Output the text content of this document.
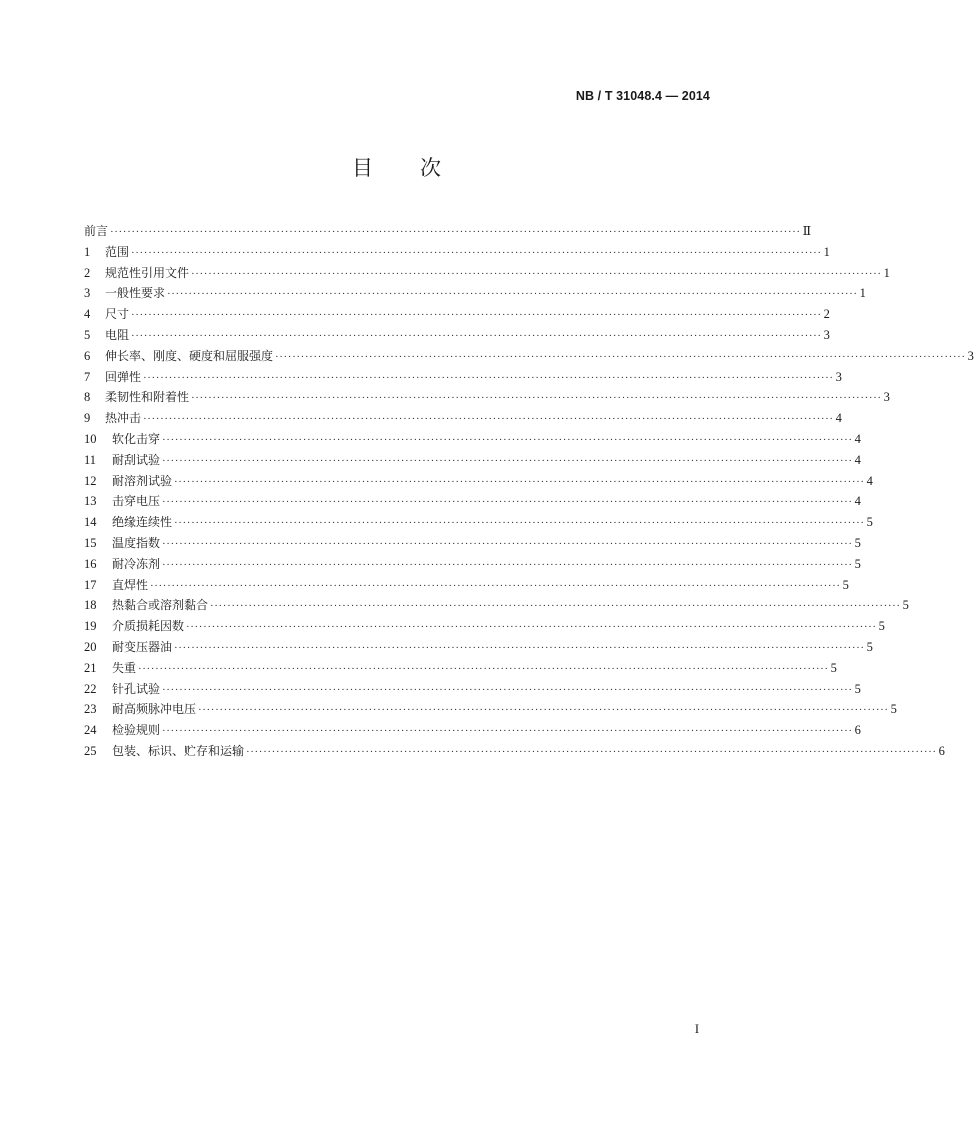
NB / T 31048.4 — 2014
目      次
前言 ·································································································································································· Ⅱ
1	范围 ·································································································································································· 1
2	规范性引用文件 ·································································································································································· 1
3	一般性要求 ·································································································································································· 1
4	尺寸 ·································································································································································· 2
5	电阻 ·································································································································································· 3
6	伸长率、刚度、硬度和屈服强度 ·································································································································································· 3
7	回弹性 ·································································································································································· 3
8	柔韧性和附着性 ·································································································································································· 3
9	热冲击 ·································································································································································· 4
10	软化击穿 ·································································································································································· 4
11	耐刮试验 ·································································································································································· 4
12	耐溶剂试验 ·································································································································································· 4
13	击穿电压 ·································································································································································· 4
14	绝缘连续性 ·································································································································································· 5
15	温度指数 ·································································································································································· 5
16	耐冷冻剂 ·································································································································································· 5
17	直焊性 ·································································································································································· 5
18	热黏合或溶剂黏合 ·································································································································································· 5
19	介质损耗因数 ·································································································································································· 5
20	耐变压器油 ·································································································································································· 5
21	失重 ·································································································································································· 5
22	针孔试验 ·································································································································································· 5
23	耐高频脉冲电压 ·································································································································································· 5
24	检验规则 ·································································································································································· 6
25	包装、标识、贮存和运输 ·································································································································································· 6
I
